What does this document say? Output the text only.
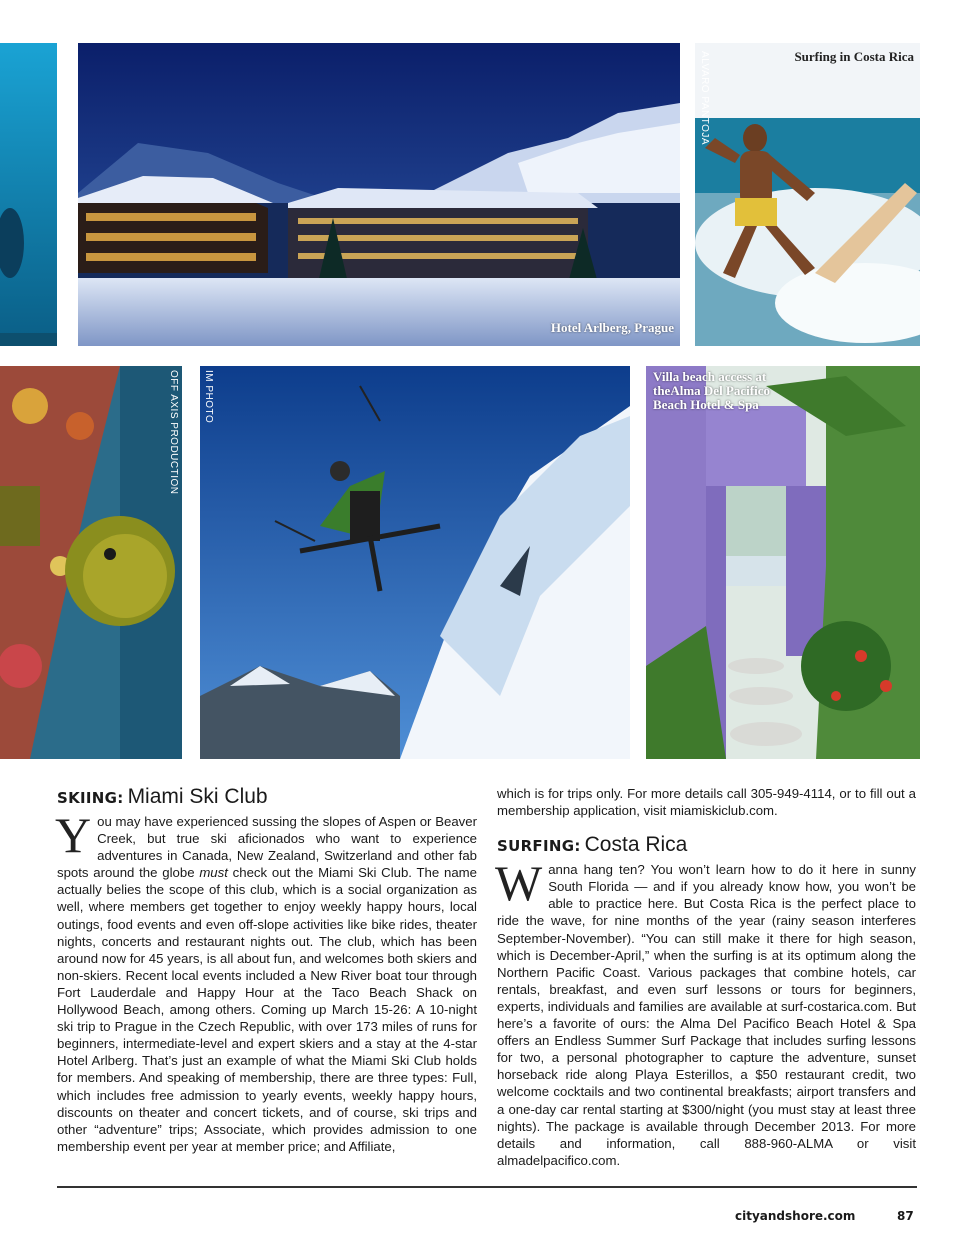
Hotel Arlberg, Prague
Surfing in Costa Rica
ALVARO PANTOJA
OFF AXIS PRODUCTION IM PHOTO	Villa beach access at theAlma Del Pacifico Beach Hotel & Spa
SKIING: Miami Ski Club

You may have experienced sussing the slopes of Aspen or Beaver Creek, but true ski aficionados who want to experience adventures in Canada, New Zealand, Switzerland and other fab spots around the globe must check out the Miami Ski Club. The name actually belies the scope of this club, which is a social organization as well, where members get together to enjoy weekly happy hours, local outings, food events and even off-slope activities like bike rides, theater nights, concerts and restaurant nights out. The club, which has been around now for 45 years, is all about fun, and welcomes both skiers and non-skiers. Recent local events included a New River boat tour through Fort Lauderdale and Happy Hour at the Taco Beach Shack on Hollywood Beach, among others. Coming up March 15-26: A 10-night ski trip to Prague in the Czech Republic, with over 173 miles of runs for beginners, intermediate-level and expert skiers and a stay at the 4-star Hotel Arlberg. That’s just an example of what the Miami Ski Club holds for members. And speaking of membership, there are three types: Full, which includes free admission to yearly events, weekly happy hours, discounts on theater and concert tickets, and of course, ski trips and other “adventure” trips; Associate, which provides admission to one membership event per year at member price; and Affiliate,

which is for trips only. For more details call 305-949-4114, or to fill out a membership application, visit miamiskiclub.com.

SURFING: Costa Rica

Wanna hang ten? You won’t learn how to do it here in sunny South Florida — and if you already know how, you won’t be able to practice here. But Costa Rica is the perfect place to ride the wave, for nine months of the year (rainy season interferes September-November). “You can still make it there for high season, which is December-April,” when the surfing is at its optimum along the Northern Pacific Coast. Various packages that combine hotels, car rentals, breakfast, and even surf lessons or tours for beginners, experts, individuals and families are available at surf-costarica.com. But here’s a favorite of ours: the Alma Del Pacifico Beach Hotel & Spa offers an Endless Summer Surf Package that includes surfing lessons for two, a personal photographer to capture the adventure, sunset horseback ride along Playa Esterillos, a $50 restaurant credit, two welcome cocktails and two continental breakfasts; airport transfers and a one-day car rental starting at $300/night (you must stay at least three nights). The package is available through December 2013. For more details and information, call 888-960-ALMA or visit almadelpacifico.com.

cityandshore.com	87
